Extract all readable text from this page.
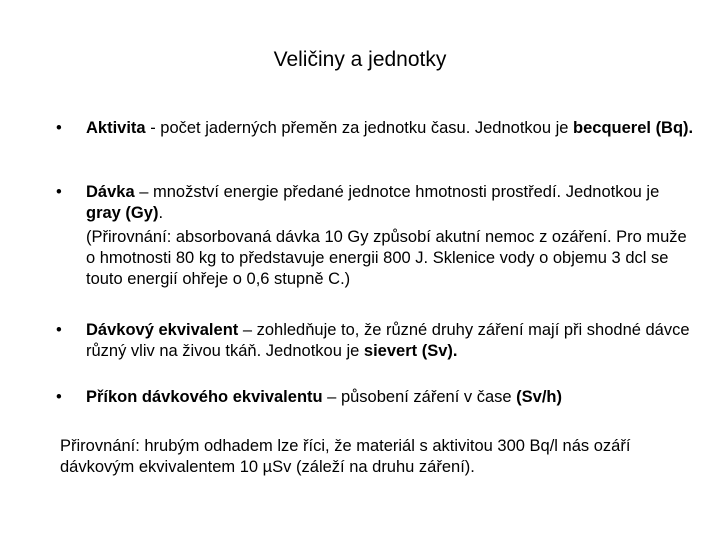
Veličiny a jednotky
• Aktivita - počet jaderných přeměn za jednotku času. Jednotkou je becquerel (Bq).

• Dávka – množství energie předané jednotce hmotnosti prostředí. Jednotkou je gray (Gy).

(Přirovnání: absorbovaná dávka 10 Gy způsobí akutní nemoc z ozáření. Pro muže o hmotnosti 80 kg to představuje energii 800 J. Sklenice vody o objemu 3 dcl se touto energií ohřeje o 0,6 stupně C.)

• Dávkový ekvivalent – zohledňuje to, že různé druhy záření mají při shodné dávce různý vliv na živou tkáň. Jednotkou je sievert (Sv).

• Příkon dávkového ekvivalentu – působení záření v čase (Sv/h)

Přirovnání: hrubým odhadem lze říci, že materiál s aktivitou 300 Bq/l nás ozáří dávkovým ekvivalentem 10 µSv (záleží na druhu záření).
